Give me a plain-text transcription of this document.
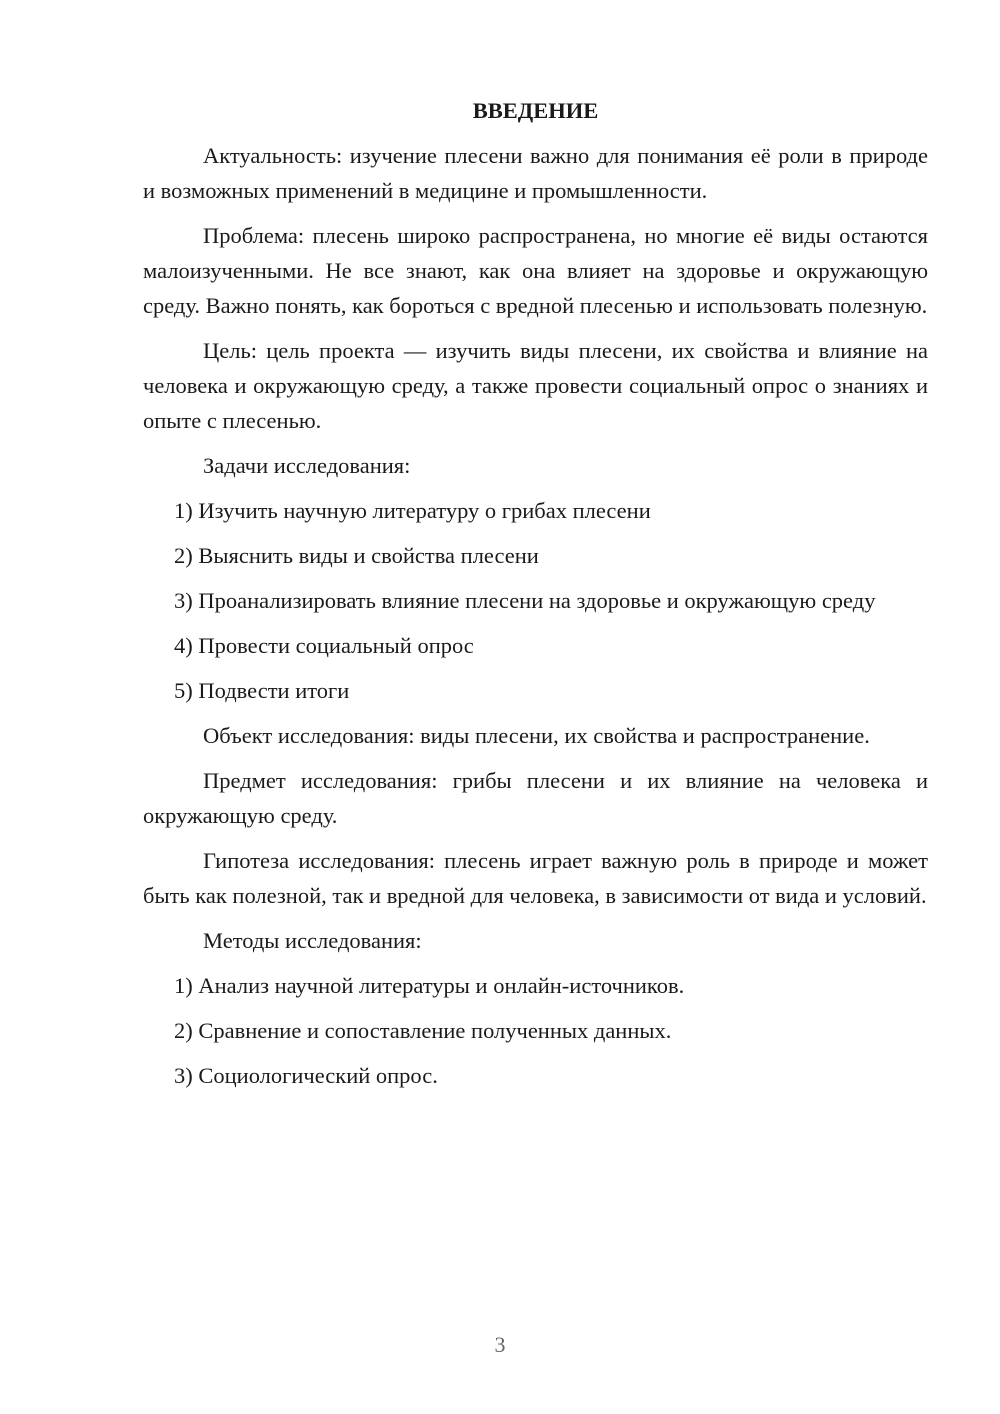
ВВЕДЕНИЕ

Актуальность: изучение плесени важно для понимания её роли в природе и возможных применений в медицине и промышленности.

Проблема: плесень широко распространена, но многие её виды остаются малоизученными. Не все знают, как она влияет на здоровье и окружающую среду. Важно понять, как бороться с вредной плесенью и использовать полезную.

Цель: цель проекта — изучить виды плесени, их свойства и влияние на человека и окружающую среду, а также провести социальный опрос о знаниях и опыте с плесенью.

Задачи исследования:

1) Изучить научную литературу о грибах плесени

2) Выяснить виды и свойства плесени

3) Проанализировать влияние плесени на здоровье и окружающую среду

4) Провести социальный опрос

5) Подвести итоги

Объект исследования: виды плесени, их свойства и распространение.

Предмет исследования: грибы плесени и их влияние на человека и окружающую среду.

Гипотеза исследования: плесень играет важную роль в природе и может быть как полезной, так и вредной для человека, в зависимости от вида и условий.

Методы исследования:

1) Анализ научной литературы и онлайн-источников.

2) Сравнение и сопоставление полученных данных.

3) Социологический опрос.

3
